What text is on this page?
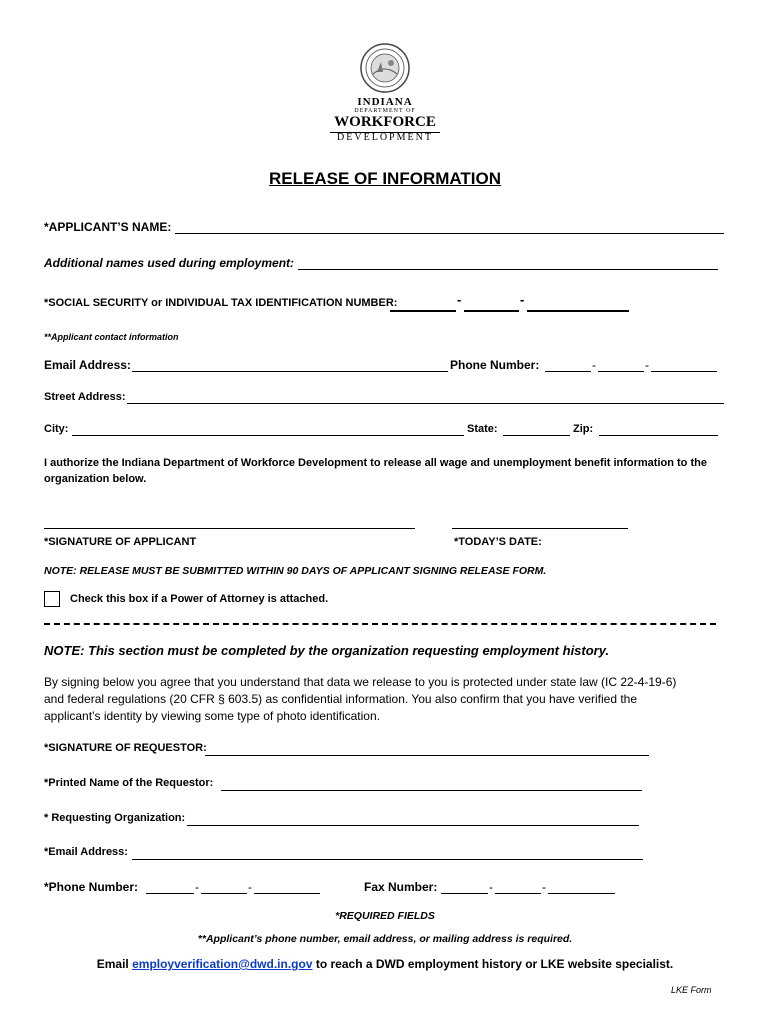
INDIANA
DEPARTMENT OF
WORKFORCE
DEVELOPMENT
RELEASE OF INFORMATION
*APPLICANT’S NAME:
Additional names used during employment:
*SOCIAL SECURITY or INDIVIDUAL TAX IDENTIFICATION NUMBER:	-	-
**Applicant contact information
Email Address:	Phone Number:	-	-
Street Address:
City:	State:	Zip:
I authorize the Indiana Department of Workforce Development to release all wage and unemployment benefit information to the
organization below.
*SIGNATURE OF APPLICANT	*TODAY’S DATE:
NOTE: RELEASE MUST BE SUBMITTED WITHIN 90 DAYS OF APPLICANT SIGNING RELEASE FORM.
Check this box if a Power of Attorney is attached.
NOTE: This section must be completed by the organization requesting employment history.

By signing below you agree that you understand that data we release to you is protected under state law (IC 22-4-19-6)

and federal regulations (20 CFR § 603.5) as confidential information. You also confirm that you have verified the

applicant’s identity by viewing some type of photo identification.

*SIGNATURE OF REQUESTOR:
*Printed Name of the Requestor:
* Requesting Organization:
*Email Address:
*Phone Number:	-	-	Fax Number:	-	-
*REQUIRED FIELDS
**Applicant’s phone number, email address, or mailing address is required.
Email employverification@dwd.in.gov to reach a DWD employment history or LKE website specialist.
LKE Form
